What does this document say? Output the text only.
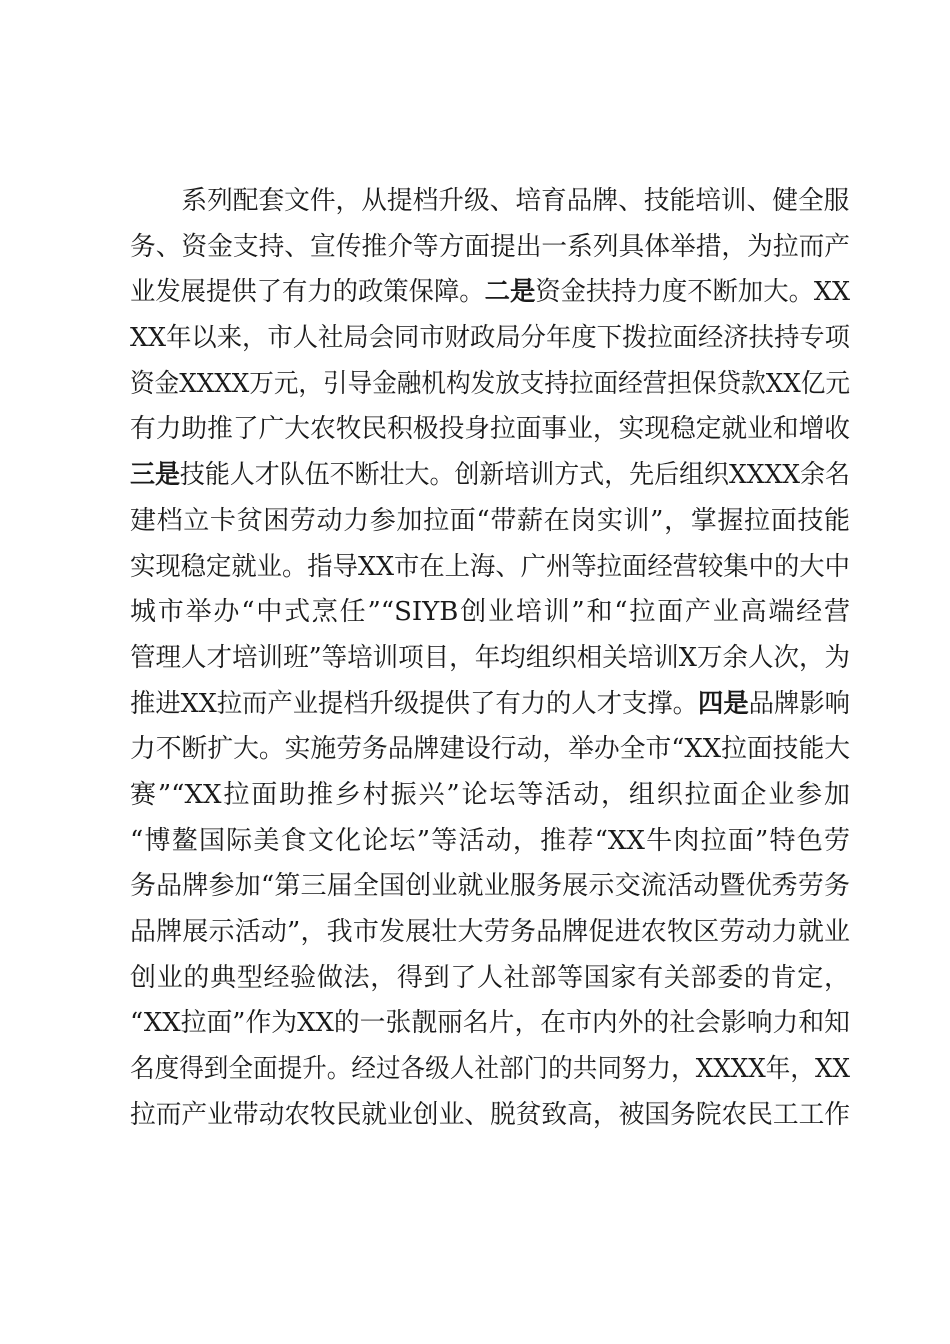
系列配套文件，从提档升级、培育品牌、技能培训、健全服
务、资金支持、宣传推介等方面提出一系列具体举措，为拉而产
业发展提供了有力的政策保障。二是资金扶持力度不断加大。XX
XX年以来，市人社局会同市财政局分年度下拨拉面经济扶持专项
资金XXXX万元，引导金融机构发放支持拉面经营担保贷款XX亿元
有力助推了广大农牧民积极投身拉面事业，实现稳定就业和增收
三是技能人才队伍不断壮大。创新培训方式，先后组织XXXX余名
建档立卡贫困劳动力参加拉面“带薪在岗实训”，掌握拉面技能
实现稳定就业。指导XX市在上海、广州等拉面经营较集中的大中
城市举办“中式烹任”“SIYB创业培训”和“拉面产业高端经营
管理人才培训班”等培训项目，年均组织相关培训X万余人次，为
推进XX拉而产业提档升级提供了有力的人才支撑。四是品牌影响
力不断扩大。实施劳务品牌建设行动，举办全市“XX拉面技能大
赛”“XX拉面助推乡村振兴”论坛等活动，组织拉面企业参加
“博鳌国际美食文化论坛”等活动，推荐“XX牛肉拉面”特色劳
务品牌参加“第三届全国创业就业服务展示交流活动暨优秀劳务
品牌展示活动”，我市发展壮大劳务品牌促进农牧区劳动力就业
创业的典型经验做法，得到了人社部等国家有关部委的肯定，
“XX拉面”作为XX的一张靓丽名片，在市内外的社会影响力和知
名度得到全面提升。经过各级人社部门的共同努力，XXXX年，XX
拉而产业带动农牧民就业创业、脱贫致高，被国务院农民工工作
